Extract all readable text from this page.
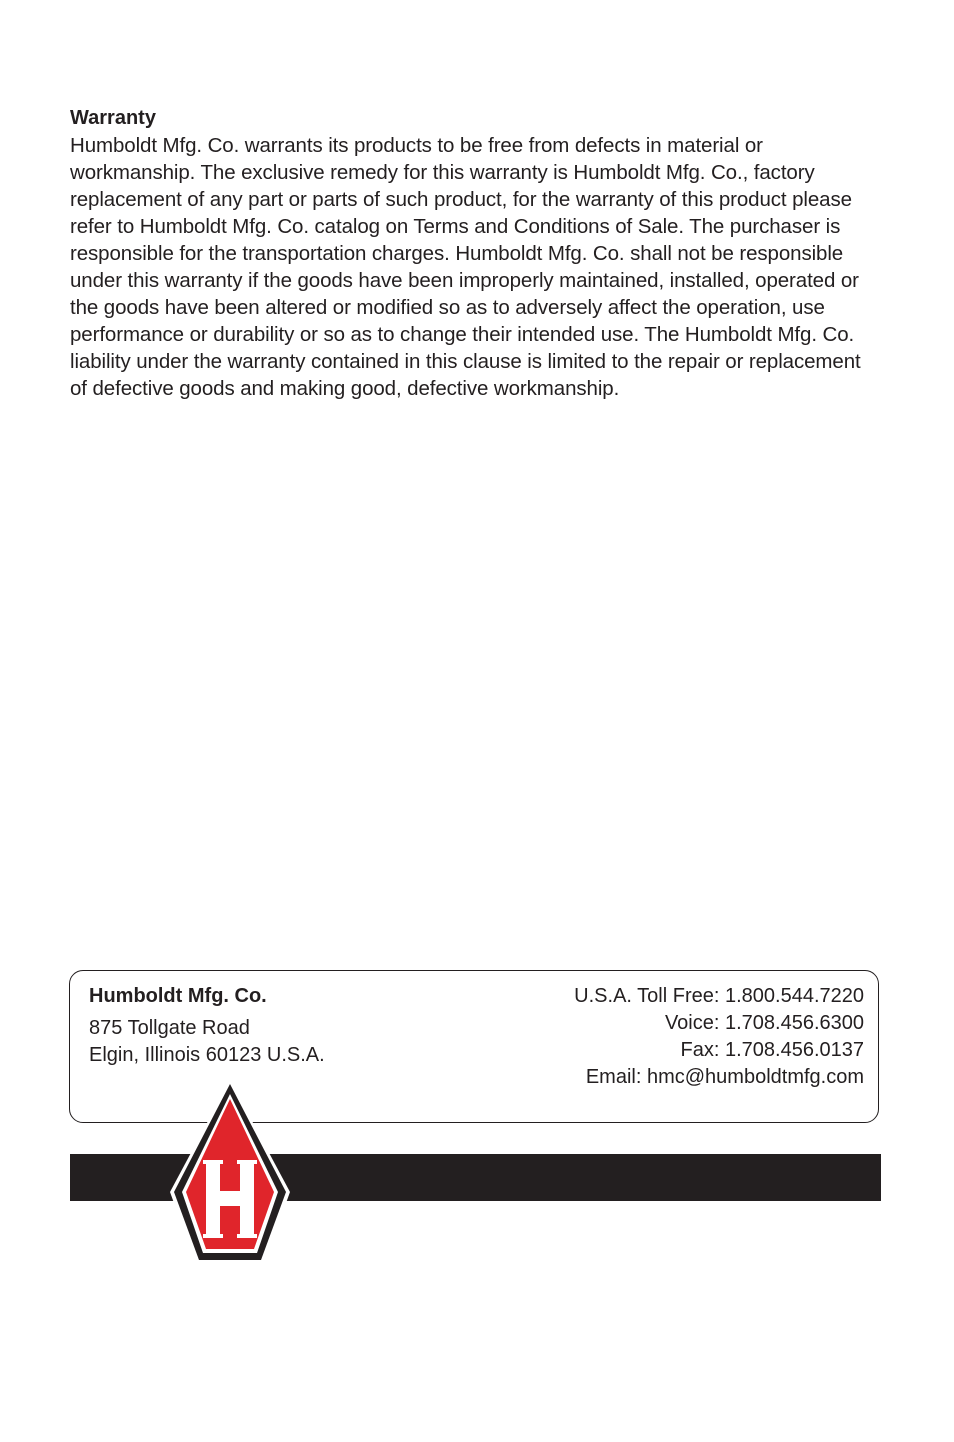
Warranty

Humboldt Mfg. Co. warrants its products to be free from defects in material or workmanship. The exclusive remedy for this warranty is Humboldt Mfg. Co., factory replacement of any part or parts of such product, for the warranty of this product please refer to Humboldt Mfg. Co. catalog on Terms and Conditions of Sale. The purchaser is responsible for the transportation charges. Humboldt Mfg. Co. shall not be responsible under this warranty if the goods have been improperly maintained, installed, operated or the goods have been altered or modified so as to adversely affect the operation, use performance or durability or so as to change their intended use. The Humboldt Mfg. Co. liability under the warranty contained in this clause is limited to the repair or replacement of defective goods and making good, defective workmanship.

Humboldt Mfg. Co.

875 Tollgate Road

Elgin, Illinois 60123 U.S.A.

U.S.A. Toll Free: 1.800.544.7220

Voice: 1.708.456.6300

Fax: 1.708.456.0137

Email: hmc@humboldtmfg.com
